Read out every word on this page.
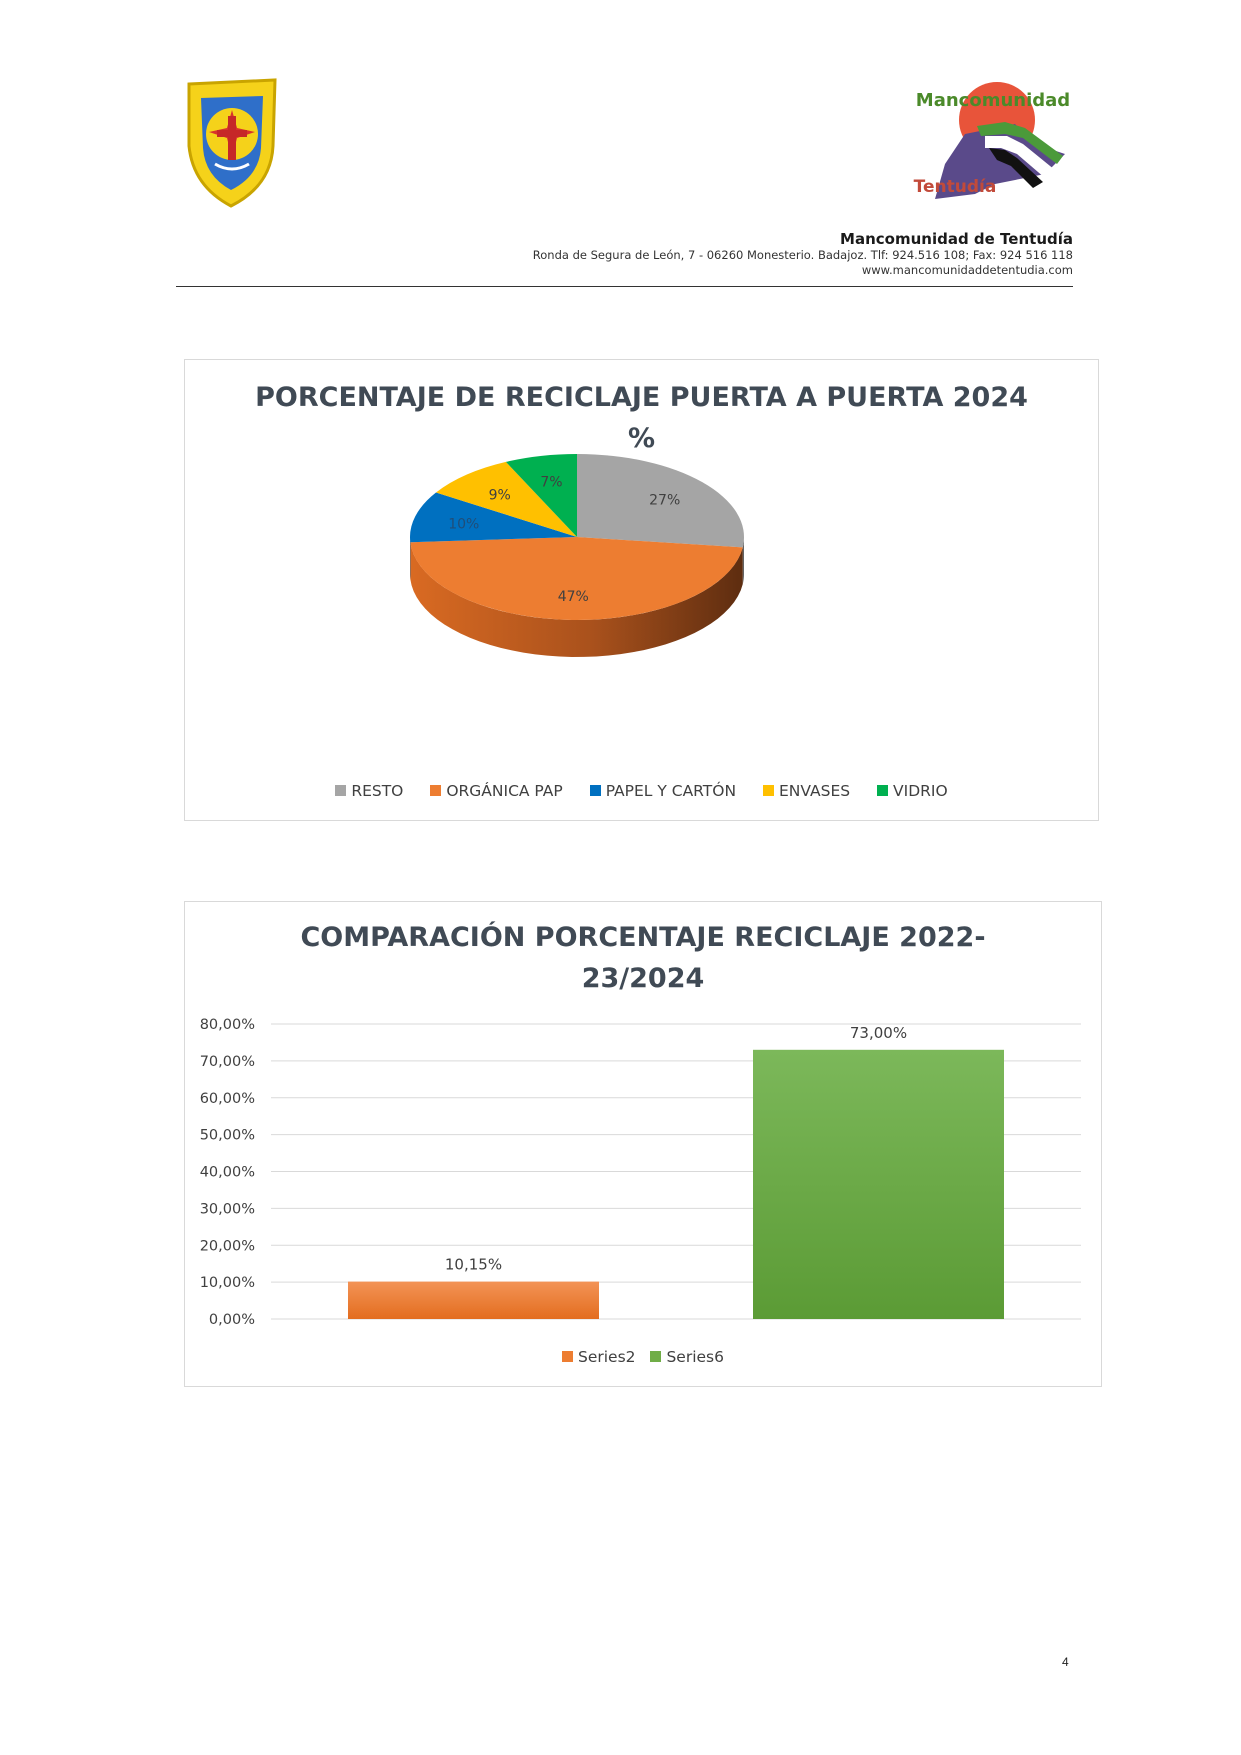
Mancomunidad
Tentudía
Mancomunidad de Tentudía
Ronda de Segura de León, 7 - 06260 Monesterio. Badajoz. Tlf: 924.516 108; Fax: 924 516 118
www.mancomunidaddetentudia.com
PORCENTAJE DE RECICLAJE PUERTA A PUERTA 2024
%
27%
47%
10%
9%
7%
RESTO	ORGÁNICA PAP	PAPEL Y CARTÓN	ENVASES	VIDRIO
COMPARACIÓN PORCENTAJE RECICLAJE 2022-
23/2024
0,00%
10,00%
20,00%
30,00%
40,00%
50,00%
60,00%
70,00%
80,00%
10,15%
73,00%
Series2 Series6
4
